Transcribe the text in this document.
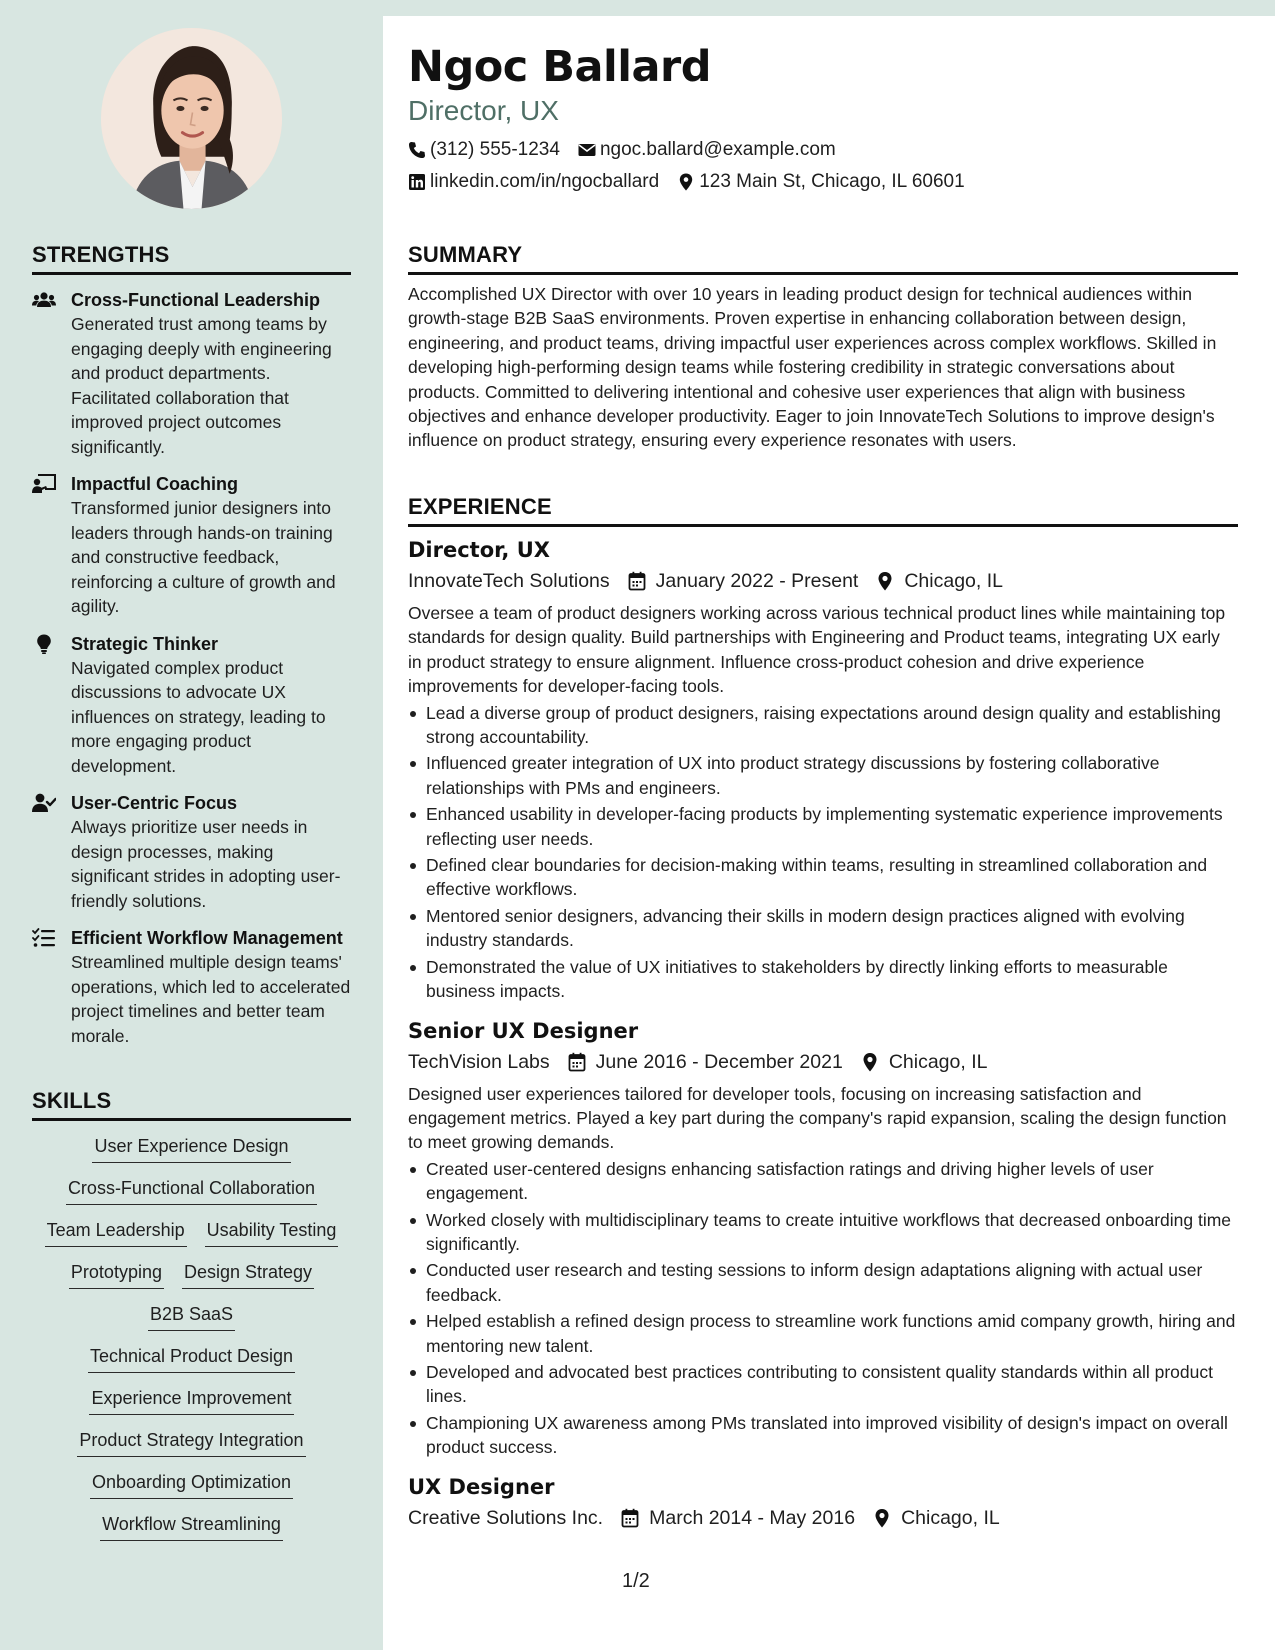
STRENGTHS
Cross-Functional Leadership
Generated trust among teams by engaging deeply with engineering and product departments. Facilitated collaboration that improved project outcomes significantly.
Impactful Coaching
Transformed junior designers into leaders through hands-on training and constructive feedback, reinforcing a culture of growth and agility.
Strategic Thinker
Navigated complex product discussions to advocate UX influences on strategy, leading to more engaging product development.
User-Centric Focus
Always prioritize user needs in design processes, making significant strides in adopting user-friendly solutions.
Efficient Workflow Management
Streamlined multiple design teams' operations, which led to accelerated project timelines and better team morale.
SKILLS
User Experience Design
Cross-Functional Collaboration
Team Leadership Usability Testing
Prototyping Design Strategy
B2B SaaS
Technical Product Design
Experience Improvement
Product Strategy Integration
Onboarding Optimization
Workflow Streamlining
Ngoc Ballard
Director, UX
(312) 555-1234 ngoc.ballard@example.com
linkedin.com/in/ngocballard 123 Main St, Chicago, IL 60601
SUMMARY
Accomplished UX Director with over 10 years in leading product design for technical audiences within growth-stage B2B SaaS environments. Proven expertise in enhancing collaboration between design, engineering, and product teams, driving impactful user experiences across complex workflows. Skilled in developing high-performing design teams while fostering credibility in strategic conversations about products. Committed to delivering intentional and cohesive user experiences that align with business objectives and enhance developer productivity. Eager to join InnovateTech Solutions to improve design's influence on product strategy, ensuring every experience resonates with users.
EXPERIENCE
Director, UX
InnovateTech Solutions January 2022 - Present Chicago, IL
Oversee a team of product designers working across various technical product lines while maintaining top standards for design quality. Build partnerships with Engineering and Product teams, integrating UX early in product strategy to ensure alignment. Influence cross-product cohesion and drive experience improvements for developer-facing tools.
Lead a diverse group of product designers, raising expectations around design quality and establishing strong accountability.
Influenced greater integration of UX into product strategy discussions by fostering collaborative relationships with PMs and engineers.
Enhanced usability in developer-facing products by implementing systematic experience improvements reflecting user needs.
Defined clear boundaries for decision-making within teams, resulting in streamlined collaboration and effective workflows.
Mentored senior designers, advancing their skills in modern design practices aligned with evolving industry standards.
Demonstrated the value of UX initiatives to stakeholders by directly linking efforts to measurable business impacts.
Senior UX Designer
TechVision Labs June 2016 - December 2021 Chicago, IL
Designed user experiences tailored for developer tools, focusing on increasing satisfaction and engagement metrics. Played a key part during the company's rapid expansion, scaling the design function to meet growing demands.
Created user-centered designs enhancing satisfaction ratings and driving higher levels of user engagement.
Worked closely with multidisciplinary teams to create intuitive workflows that decreased onboarding time significantly.
Conducted user research and testing sessions to inform design adaptations aligning with actual user feedback.
Helped establish a refined design process to streamline work functions amid company growth, hiring and mentoring new talent.
Developed and advocated best practices contributing to consistent quality standards within all product lines.
Championing UX awareness among PMs translated into improved visibility of design's impact on overall product success.
UX Designer
Creative Solutions Inc. March 2014 - May 2016 Chicago, IL
1/2
